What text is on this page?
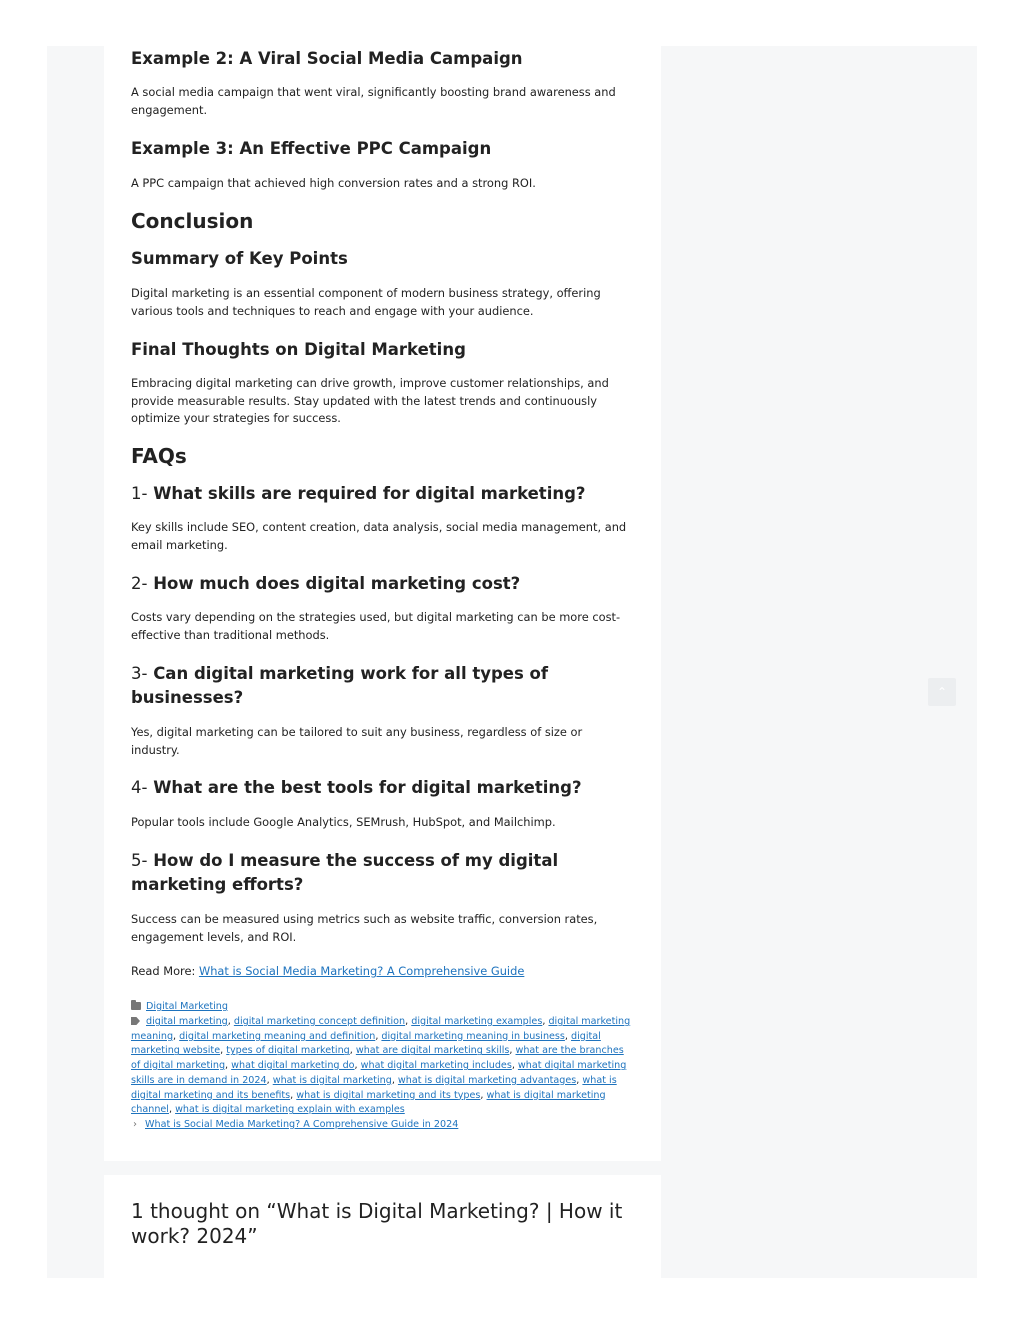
Example 2: A Viral Social Media Campaign

A social media campaign that went viral, significantly boosting brand awareness and engagement.

Example 3: An Effective PPC Campaign

A PPC campaign that achieved high conversion rates and a strong ROI.

Conclusion
Summary of Key Points

Digital marketing is an essential component of modern business strategy, offering various tools and techniques to reach and engage with your audience.

Final Thoughts on Digital Marketing

Embracing digital marketing can drive growth, improve customer relationships, and provide measurable results. Stay updated with the latest trends and continuously optimize your strategies for success.

FAQs
1- What skills are required for digital marketing?

Key skills include SEO, content creation, data analysis, social media management, and email marketing.

2- How much does digital marketing cost?

Costs vary depending on the strategies used, but digital marketing can be more cost-effective than traditional methods.

3- Can digital marketing work for all types of businesses?

Yes, digital marketing can be tailored to suit any business, regardless of size or industry.

4- What are the best tools for digital marketing?

Popular tools include Google Analytics, SEMrush, HubSpot, and Mailchimp.

5- How do I measure the success of my digital marketing efforts?

Success can be measured using metrics such as website traffic, conversion rates, engagement levels, and ROI.

Read More: What is Social Media Marketing? A Comprehensive Guide

Digital Marketing
digital marketing, digital marketing concept definition, digital marketing examples, digital marketing meaning, digital marketing meaning and definition, digital marketing meaning in business, digital marketing website, types of digital marketing, what are digital marketing skills, what are the branches of digital marketing, what digital marketing do, what digital marketing includes, what digital marketing skills are in demand in 2024, what is digital marketing, what is digital marketing advantages, what is digital marketing and its benefits, what is digital marketing and its types, what is digital marketing channel, what is digital marketing explain with examples
› What is Social Media Marketing? A Comprehensive Guide in 2024
1 thought on “What is Digital Marketing? | How it work? 2024”
⌃
